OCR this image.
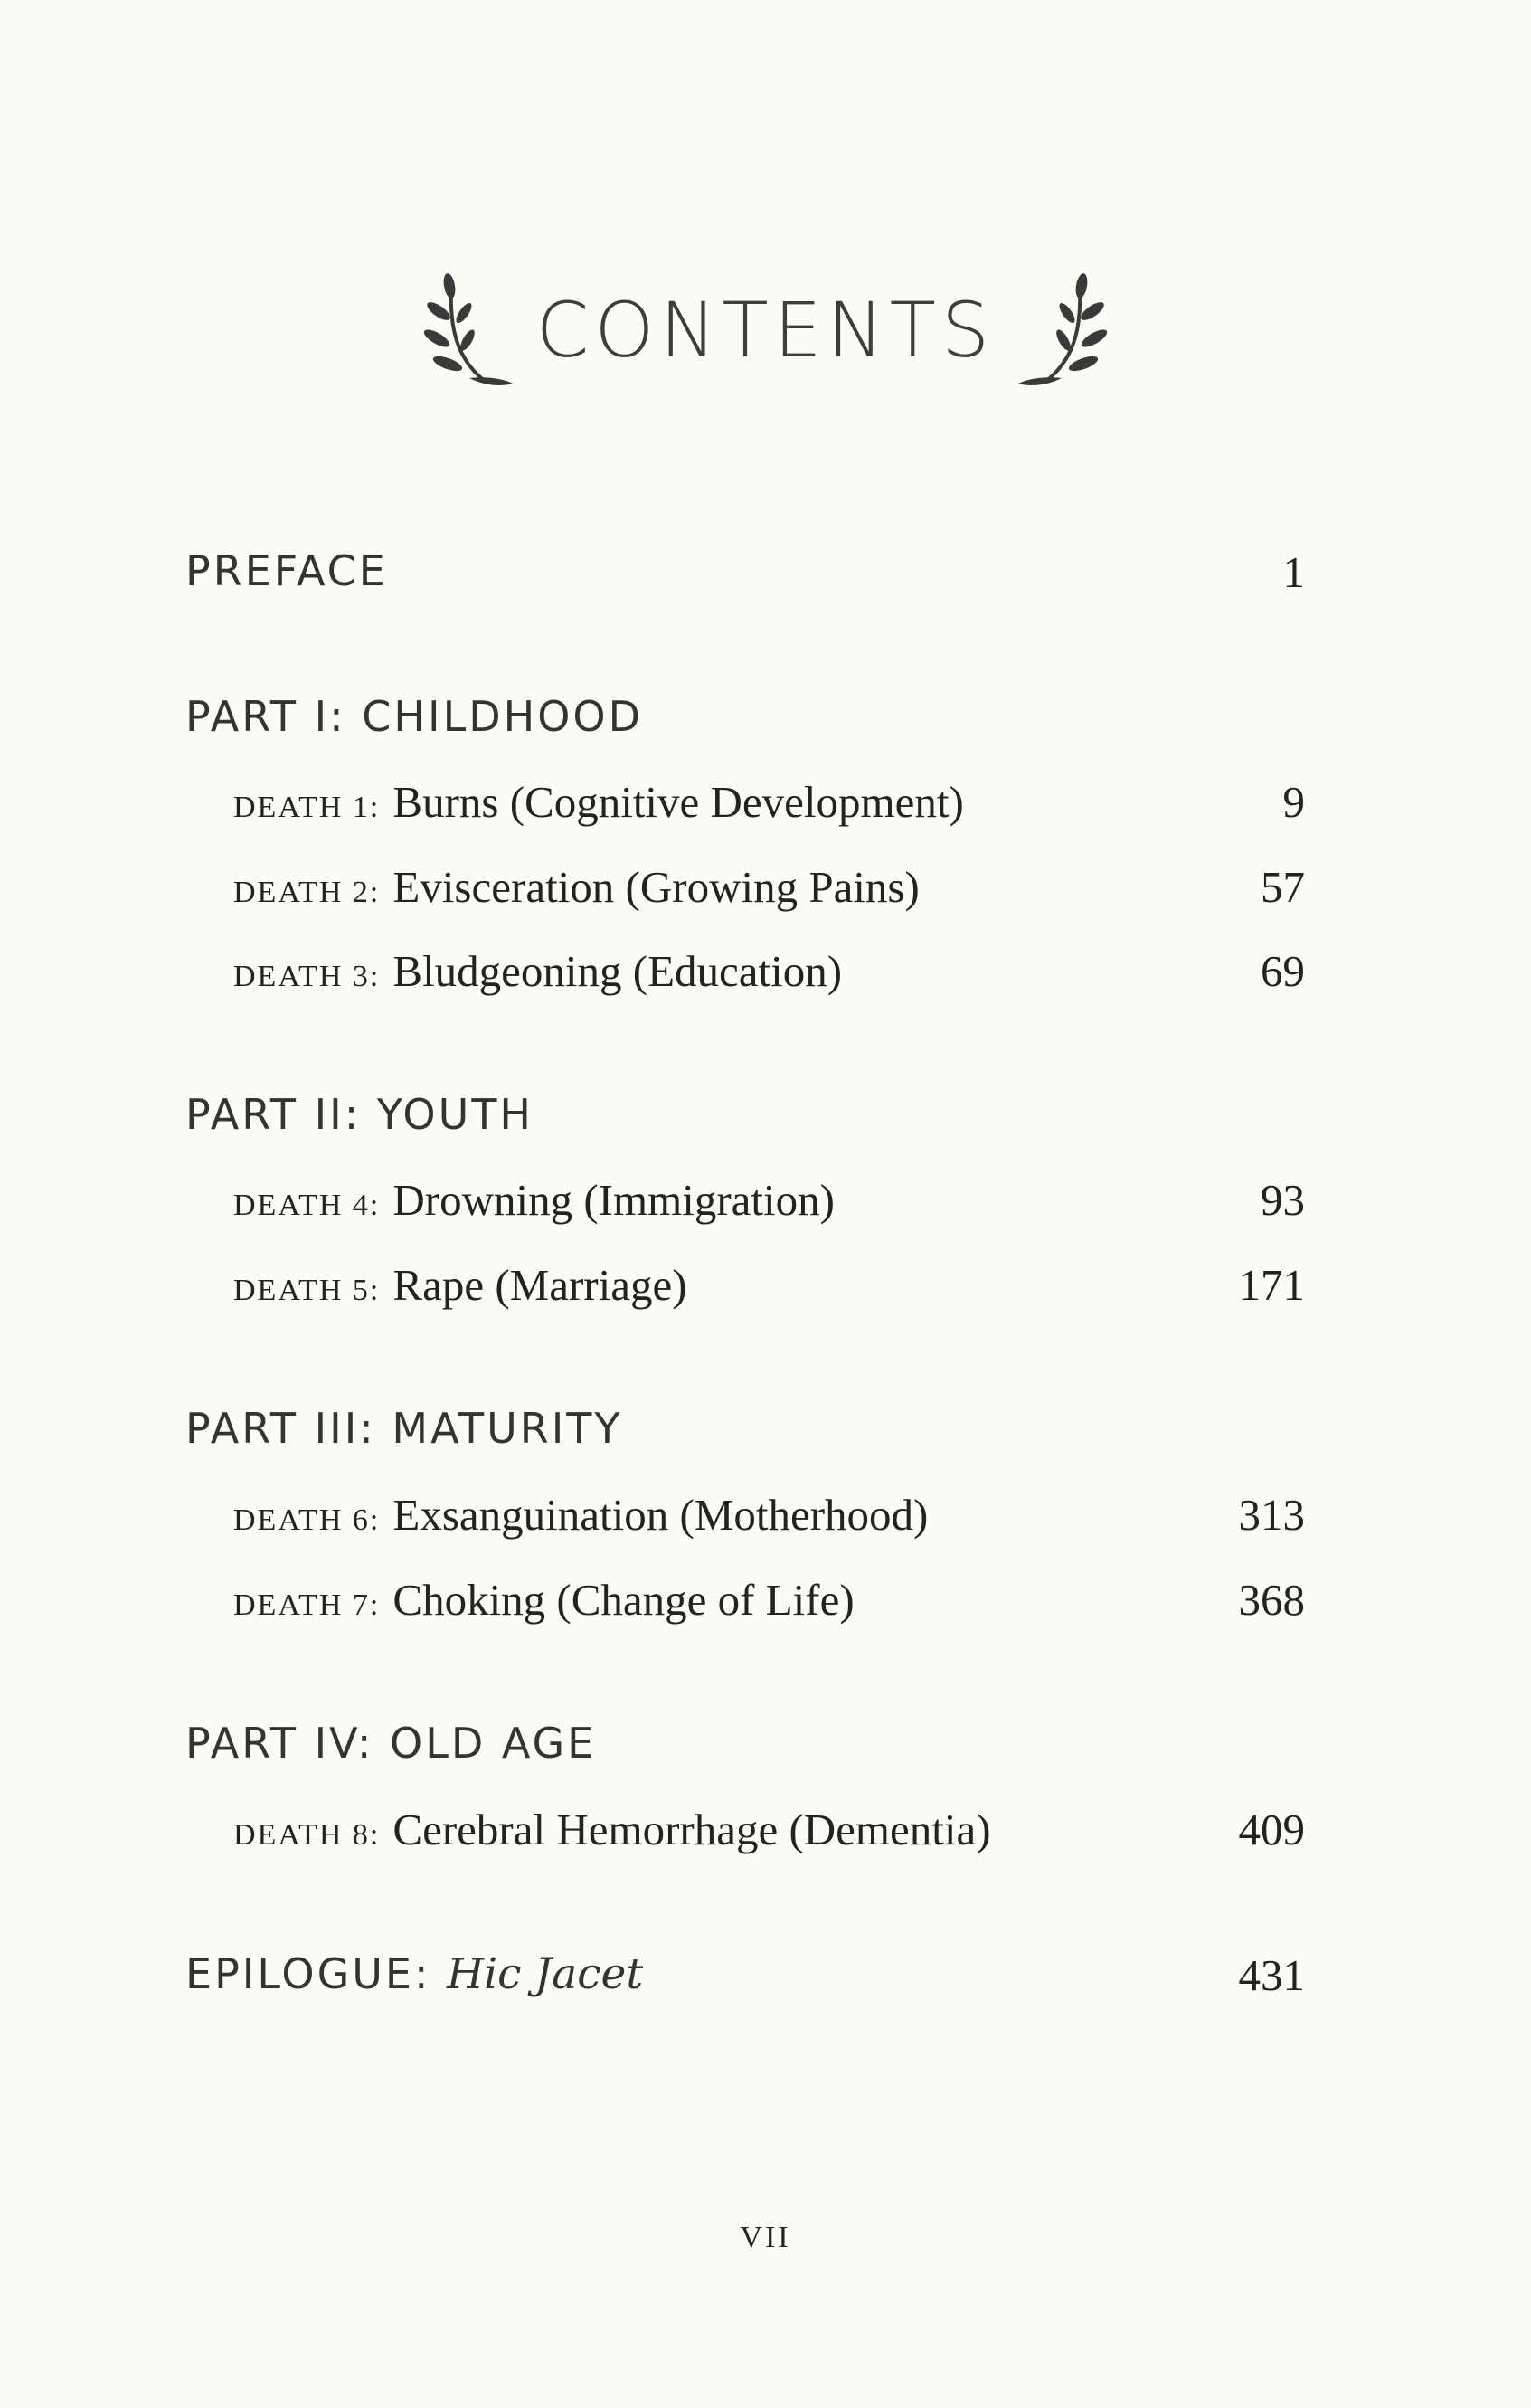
CONTENTS
PREFACE	1
PART I: CHILDHOOD
DEATH 1: Burns (Cognitive Development)	9
DEATH 2: Evisceration (Growing Pains)	57
DEATH 3: Bludgeoning (Education)	69
PART II: YOUTH
DEATH 4: Drowning (Immigration)	93
DEATH 5: Rape (Marriage)	171
PART III: MATURITY
DEATH 6: Exsanguination (Motherhood)	313
DEATH 7: Choking (Change of Life)	368
PART IV: OLD AGE
DEATH 8: Cerebral Hemorrhage (Dementia)	409
EPILOGUE: Hic Jacet	431
VII
